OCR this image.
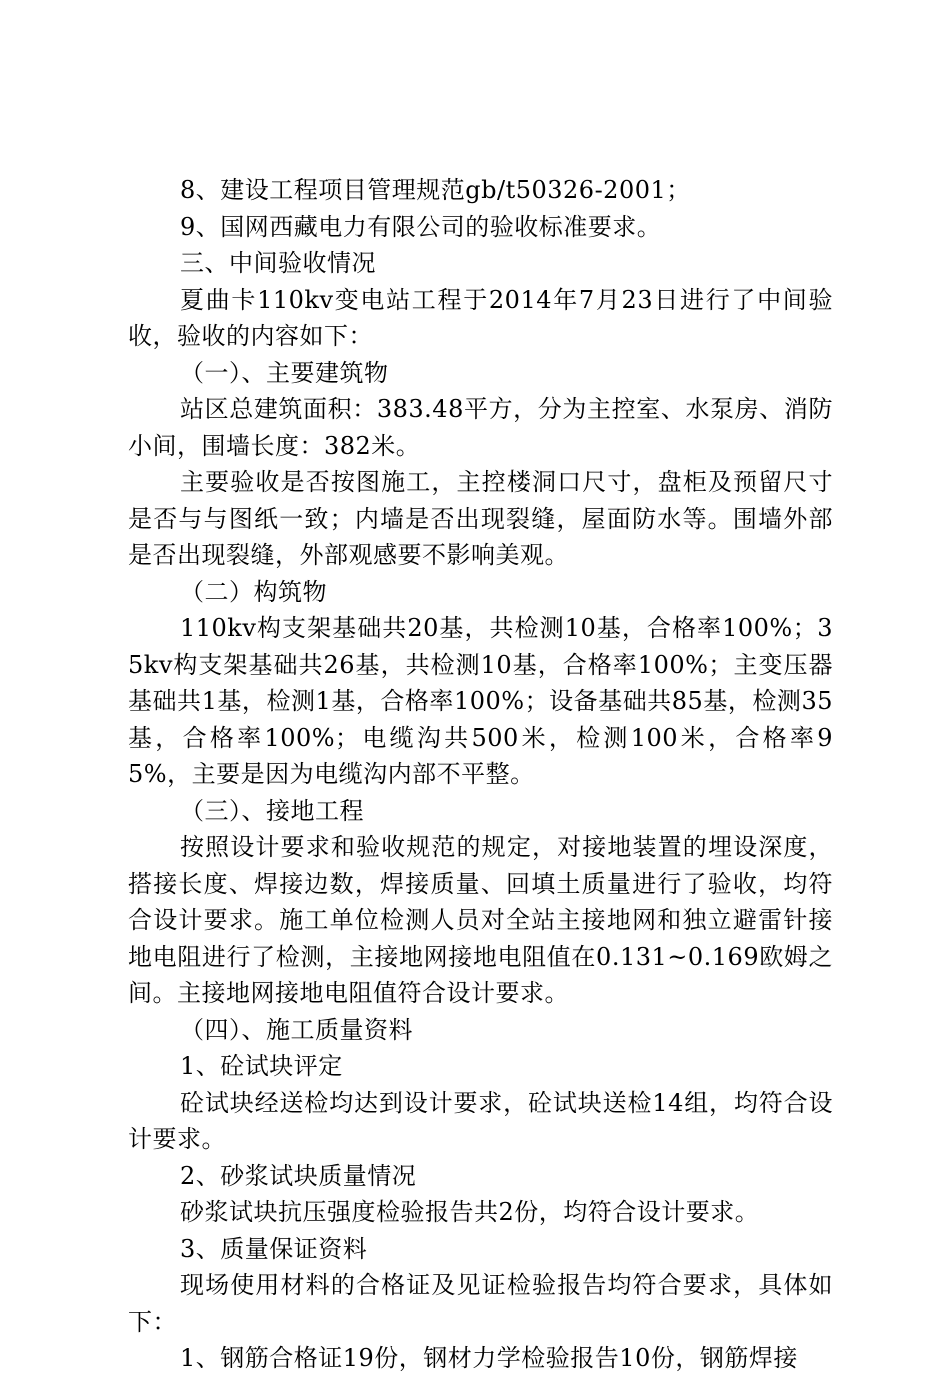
8、建设工程项目管理规范gb/t50326-2001；

9、国网西藏电力有限公司的验收标准要求。

三、中间验收情况

夏曲卡110kv变电站工程于2014年7月23日进行了中间验收，验收的内容如下：

（一）、主要建筑物

站区总建筑面积：383.48平方，分为主控室、水泵房、消防小间，围墙长度：382米。

主要验收是否按图施工，主控楼洞口尺寸，盘柜及预留尺寸是否与与图纸一致；内墙是否出现裂缝，屋面防水等。围墙外部是否出现裂缝，外部观感要不影响美观。

（二）构筑物

110kv构支架基础共20基，共检测10基，合格率100%；35kv构支架基础共26基，共检测10基，合格率100%；主变压器基础共1基，检测1基，合格率100%；设备基础共85基，检测35基，合格率100%；电缆沟共500米，检测100米，合格率95%，主要是因为电缆沟内部不平整。

（三）、接地工程

按照设计要求和验收规范的规定，对接地装置的埋设深度，搭接长度、焊接边数，焊接质量、回填土质量进行了验收，均符合设计要求。施工单位检测人员对全站主接地网和独立避雷针接地电阻进行了检测，主接地网接地电阻值在0.131~0.169欧姆之间。主接地网接地电阻值符合设计要求。

（四）、施工质量资料

1、砼试块评定

砼试块经送检均达到设计要求，砼试块送检14组，均符合设计要求。

2、砂浆试块质量情况

砂浆试块抗压强度检验报告共2份，均符合设计要求。

3、质量保证资料

现场使用材料的合格证及见证检验报告均符合要求，具体如下：

1、钢筋合格证19份，钢材力学检验报告10份，钢筋焊接
